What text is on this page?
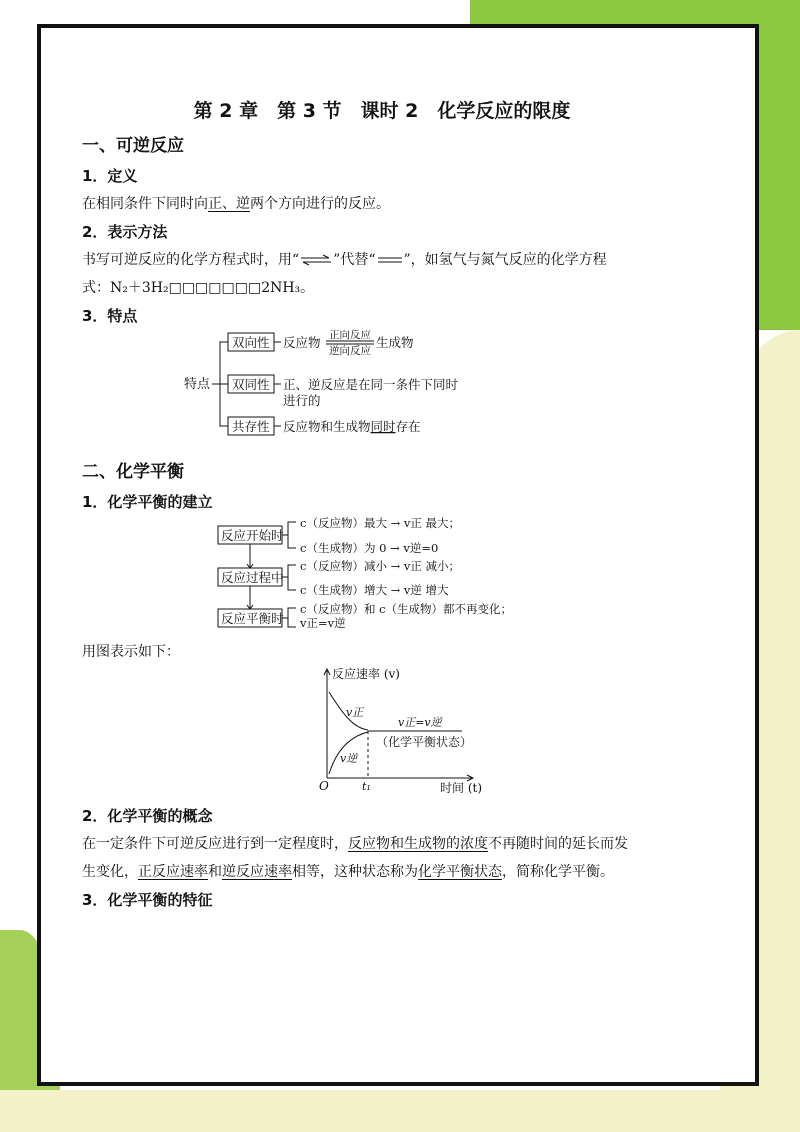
第 2 章　第 3 节　课时 2　化学反应的限度
一、可逆反应
1．定义
在相同条件下同时向正、逆两个方向进行的反应。
2．表示方法
书写可逆反应的化学方程式时，用“⇌”代替“ ”，如氢气与氮气反应的化学方程
式：N₂＋3H₂□□□□□□□2NH₃。
3．特点
特点
双向性 反应物 正向反应
逆向反应
生成物
双同性 正、逆反应是在同一条件下同时
进行的
共存性 反应物和生成物同时存在
二、化学平衡
1．化学平衡的建立
反应开始时
c（反应物）最大 → v正 最大；
c（生成物）为 0 → v逆=0
反应过程中
c（反应物）减小 → v正 减小；
c（生成物）增大 → v逆 增大
反应平衡时
c（反应物）和 c（生成物）都不再变化；
v正=v逆
用图表示如下：
反应速率 (v)
时间 (t)
O	t₁
v正
v逆
v正=v逆
（化学平衡状态）
2．化学平衡的概念
在一定条件下可逆反应进行到一定程度时，反应物和生成物的浓度不再随时间的延长而发
生变化，正反应速率和逆反应速率相等，这种状态称为化学平衡状态，简称化学平衡。
3．化学平衡的特征
